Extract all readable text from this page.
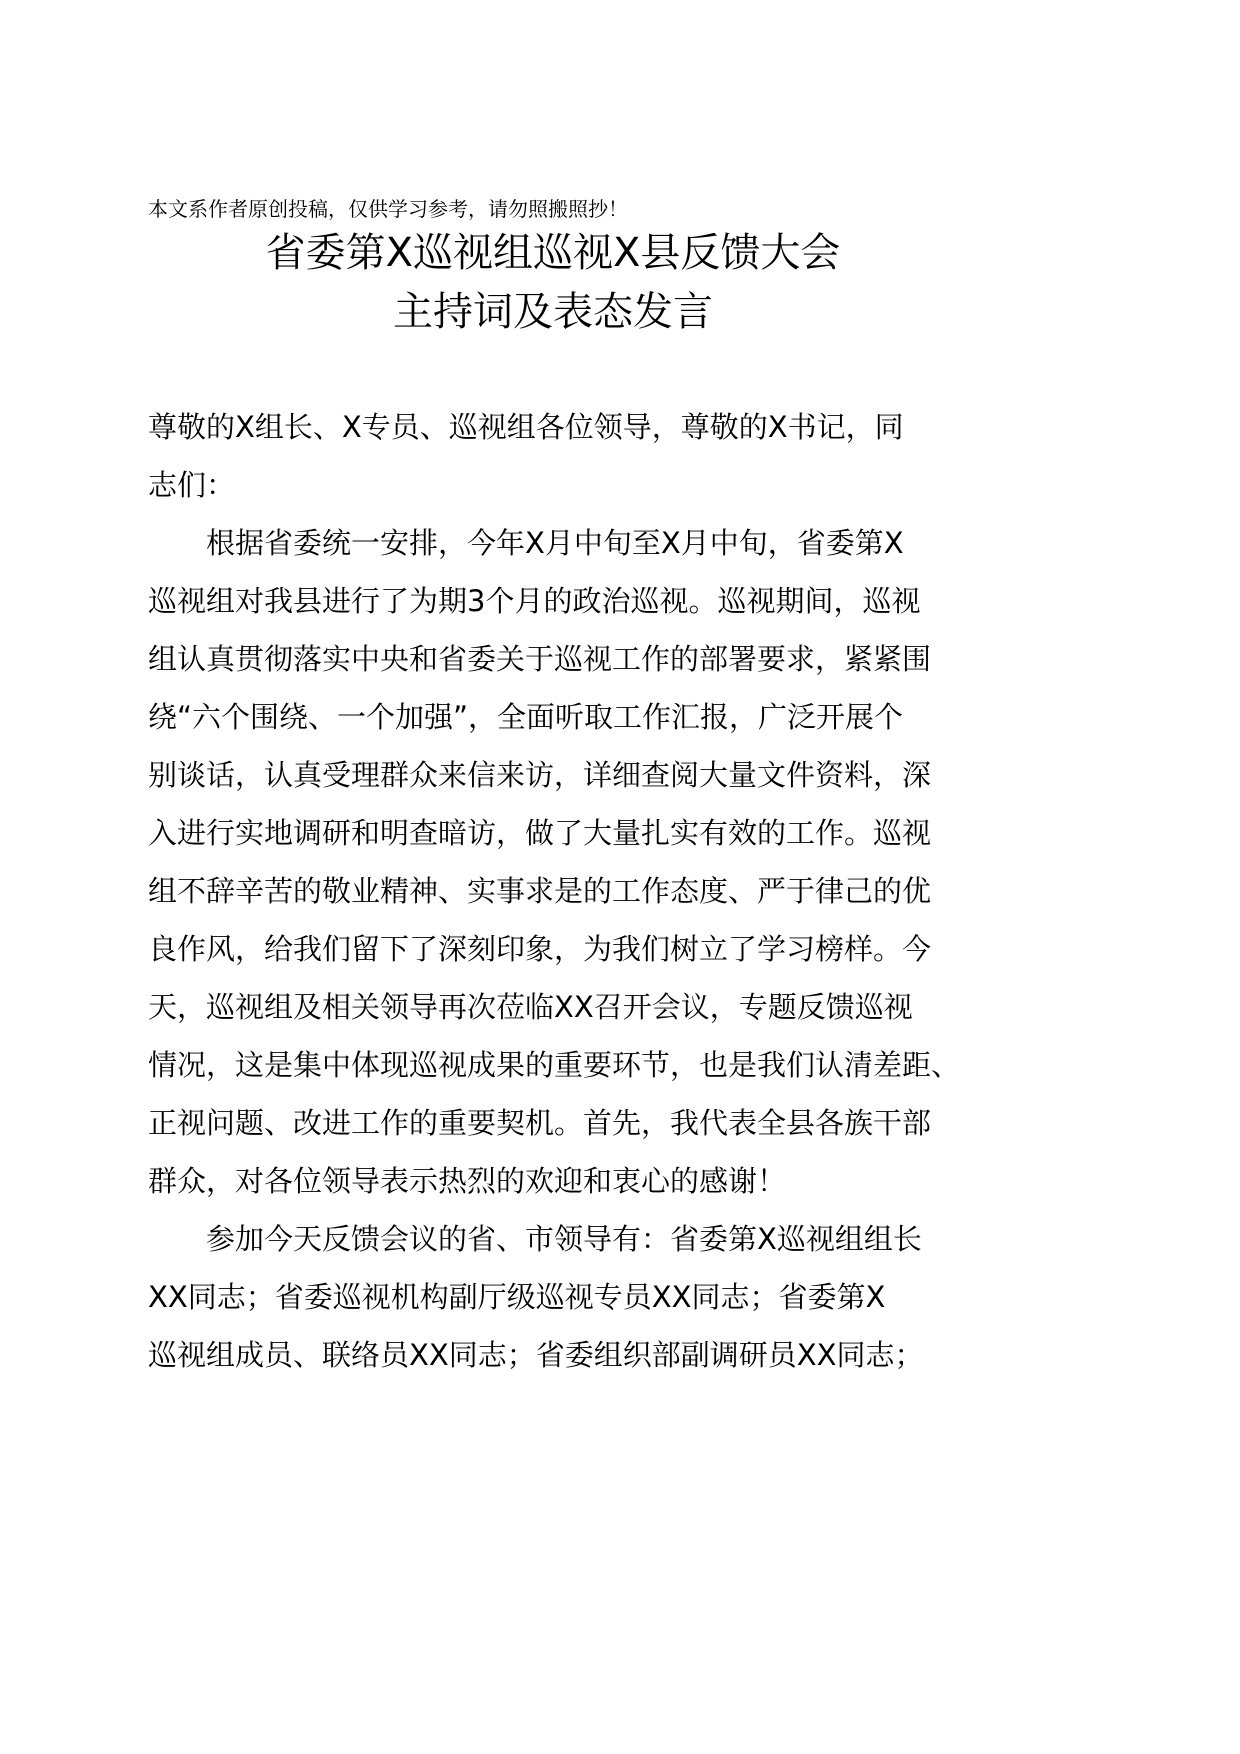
本文系作者原创投稿，仅供学习参考，请勿照搬照抄！
省委第X巡视组巡视X县反馈大会
主持词及表态发言
尊敬的X组长、X专员、巡视组各位领导，尊敬的X书记，同
志们：
根据省委统一安排，今年X月中旬至X月中旬，省委第X
巡视组对我县进行了为期3个月的政治巡视。巡视期间，巡视
组认真贯彻落实中央和省委关于巡视工作的部署要求，紧紧围
绕“六个围绕、一个加强”，全面听取工作汇报，广泛开展个
别谈话，认真受理群众来信来访，详细查阅大量文件资料，深
入进行实地调研和明查暗访，做了大量扎实有效的工作。巡视
组不辞辛苦的敬业精神、实事求是的工作态度、严于律己的优
良作风，给我们留下了深刻印象，为我们树立了学习榜样。今
天，巡视组及相关领导再次莅临XX召开会议，专题反馈巡视
情况，这是集中体现巡视成果的重要环节，也是我们认清差距、
正视问题、改进工作的重要契机。首先，我代表全县各族干部
群众，对各位领导表示热烈的欢迎和衷心的感谢！
参加今天反馈会议的省、市领导有：省委第X巡视组组长
XX同志；省委巡视机构副厅级巡视专员XX同志；省委第X
巡视组成员、联络员XX同志；省委组织部副调研员XX同志；
